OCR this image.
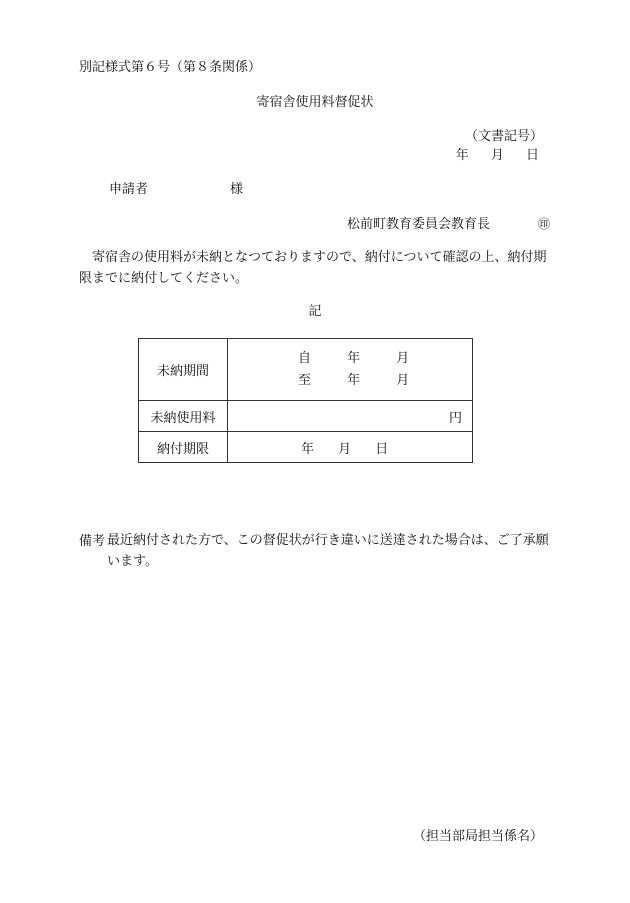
別記様式第６号（第８条関係）
寄宿舎使用料督促状
（文書記号）
年 月 日
申請者	様
松前町教育委員会教育長	㊞
寄宿舎の使用料が未納となつておりますので、納付について確認の上、納付期限までに納付してください。
記
未納期間	自 年 月
至 年 月

未納使用料	円
納付期限	年 月 日
備考 最近納付された方で、この督促状が行き違いに送達された場合は、ご了承願います。
（担当部局担当係名）
